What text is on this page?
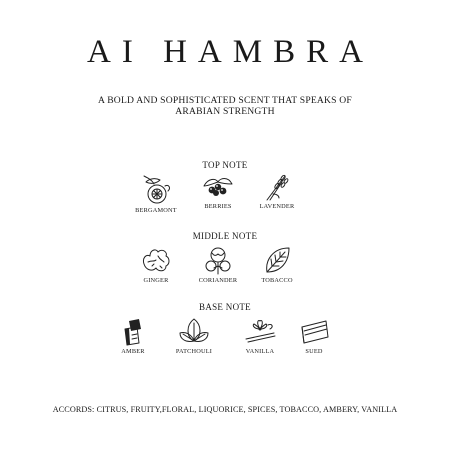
AI HAMBRA
A BOLD AND SOPHISTICATED SCENT THAT SPEAKS OF
ARABIAN STRENGTH
TOP NOTE
BERGAMONT
BERRIES	LAVENDER
MIDDLE NOTE
GINGER	CORIANDER	TOBACCO
BASE NOTE
AMBER	PATCHOULI	VANILLA	SUED
ACCORDS: CITRUS, FRUITY,FLORAL, LIQUORICE, SPICES, TOBACCO, AMBERY, VANILLA
